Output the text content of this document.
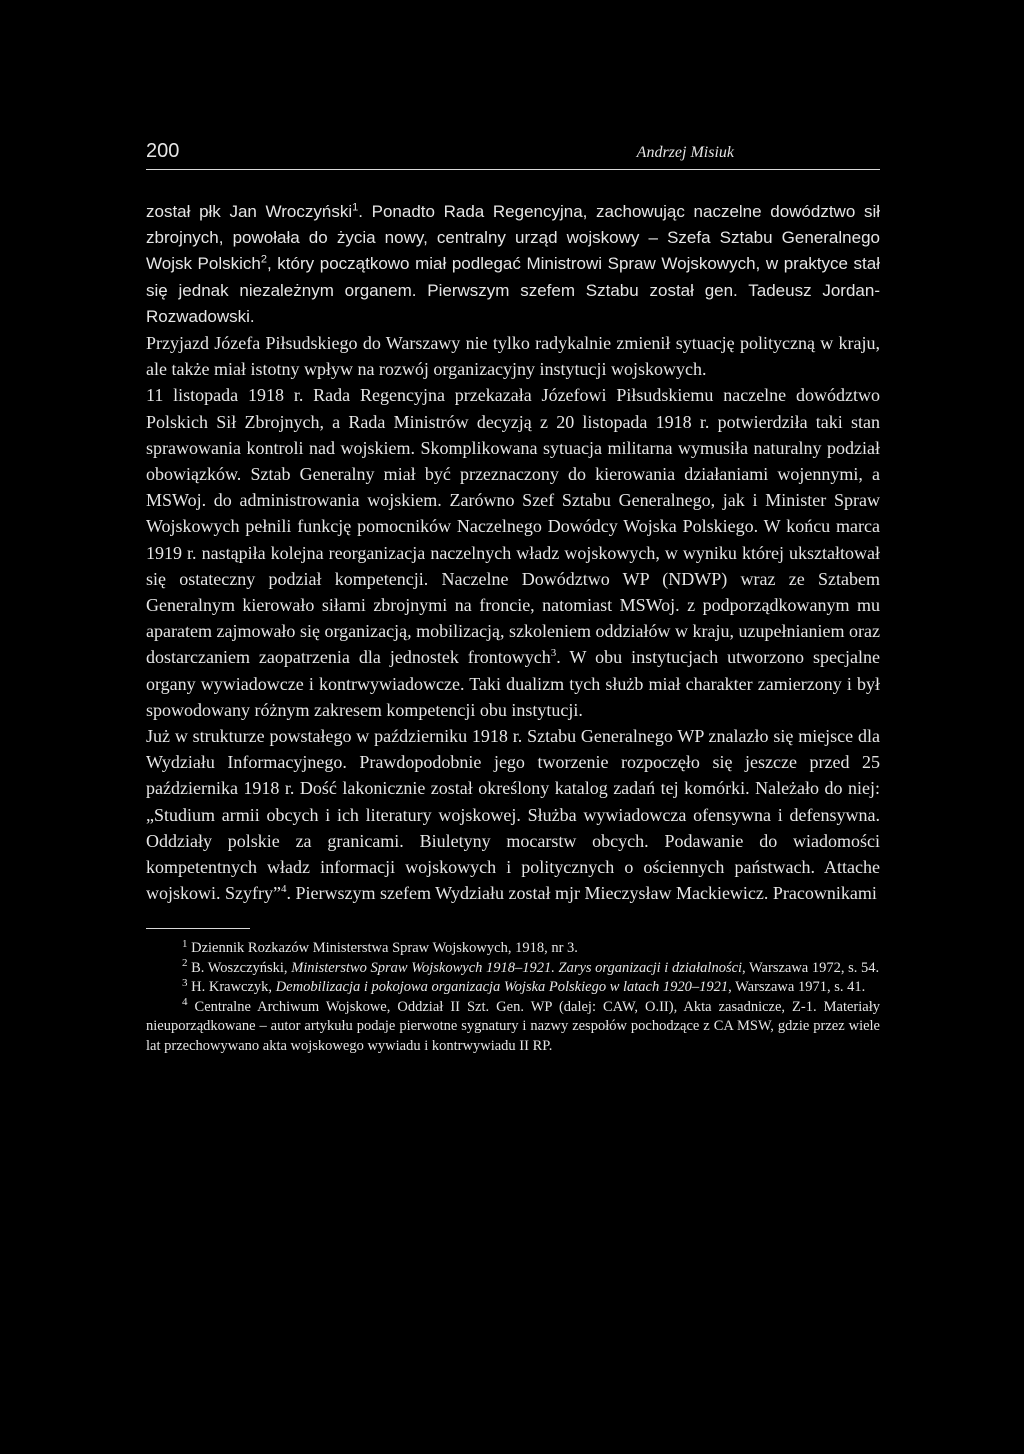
200	Andrzej Misiuk

został płk Jan Wroczyński$^1$. Ponadto Rada Regencyjna, zachowując naczelne dowództwo sił zbrojnych, powołała do życia nowy, centralny urząd wojskowy – Szefa Sztabu Generalnego Wojsk Polskich$^2$, który początkowo miał podlegać Ministrowi Spraw Wojskowych, w praktyce stał się jednak niezależnym organem. Pierwszym szefem Sztabu został gen. Tadeusz Jordan-Rozwadowski.

Przyjazd Józefa Piłsudskiego do Warszawy nie tylko radykalnie zmienił sytuację polityczną w kraju, ale także miał istotny wpływ na rozwój organizacyjny instytucji wojskowych.

11 listopada 1918 r. Rada Regencyjna przekazała Józefowi Piłsudskiemu naczelne dowództwo Polskich Sił Zbrojnych, a Rada Ministrów decyzją z 20 listopada 1918 r. potwierdziła taki stan sprawowania kontroli nad wojskiem. Skomplikowana sytuacja militarna wymusiła naturalny podział obowiązków. Sztab Generalny miał być przeznaczony do kierowania działaniami wojennymi, a MSWoj. do administrowania wojskiem. Zarówno Szef Sztabu Generalnego, jak i Minister Spraw Wojskowych pełnili funkcję pomocników Naczelnego Dowódcy Wojska Polskiego. W końcu marca 1919 r. nastąpiła kolejna reorganizacja naczelnych władz wojskowych, w wyniku której ukształtował się ostateczny podział kompetencji. Naczelne Dowództwo WP (NDWP) wraz ze Sztabem Generalnym kierowało siłami zbrojnymi na froncie, natomiast MSWoj. z podporządkowanym mu aparatem zajmowało się organizacją, mobilizacją, szkoleniem oddziałów w kraju, uzupełnianiem oraz dostarczaniem zaopatrzenia dla jednostek frontowych$^3$. W obu instytucjach utworzono specjalne organy wywiadowcze i kontrwywiadowcze. Taki dualizm tych służb miał charakter zamierzony i był spowodowany różnym zakresem kompetencji obu instytucji.

Już w strukturze powstałego w październiku 1918 r. Sztabu Generalnego WP znalazło się miejsce dla Wydziału Informacyjnego. Prawdopodobnie jego tworzenie rozpoczęło się jeszcze przed 25 października 1918 r. Dość lakonicznie został określony katalog zadań tej komórki. Należało do niej: „Studium armii obcych i ich literatury wojskowej. Służba wywiadowcza ofensywna i defensywna. Oddziały polskie za granicami. Biuletyny mocarstw obcych. Podawanie do wiadomości kompetentnych władz informacji wojskowych i politycznych o ościennych państwach. Attache wojskowi. Szyfry”$^4$. Pierwszym szefem Wydziału został mjr Mieczysław Mackiewicz. Pracownikami

$^1$ Dziennik Rozkazów Ministerstwa Spraw Wojskowych, 1918, nr 3.

$^2$ B. Woszczyński, Ministerstwo Spraw Wojskowych 1918–1921. Zarys organizacji i działalności, Warszawa 1972, s. 54.

$^3$ H. Krawczyk, Demobilizacja i pokojowa organizacja Wojska Polskiego w latach 1920–1921, Warszawa 1971, s. 41.

$^4$ Centralne Archiwum Wojskowe, Oddział II Szt. Gen. WP (dalej: CAW, O.II), Akta zasadnicze, Z-1. Materiały nieuporządkowane – autor artykułu podaje pierwotne sygnatury i nazwy zespołów pochodzące z CA MSW, gdzie przez wiele lat przechowywano akta wojskowego wywiadu i kontrwywiadu II RP.
